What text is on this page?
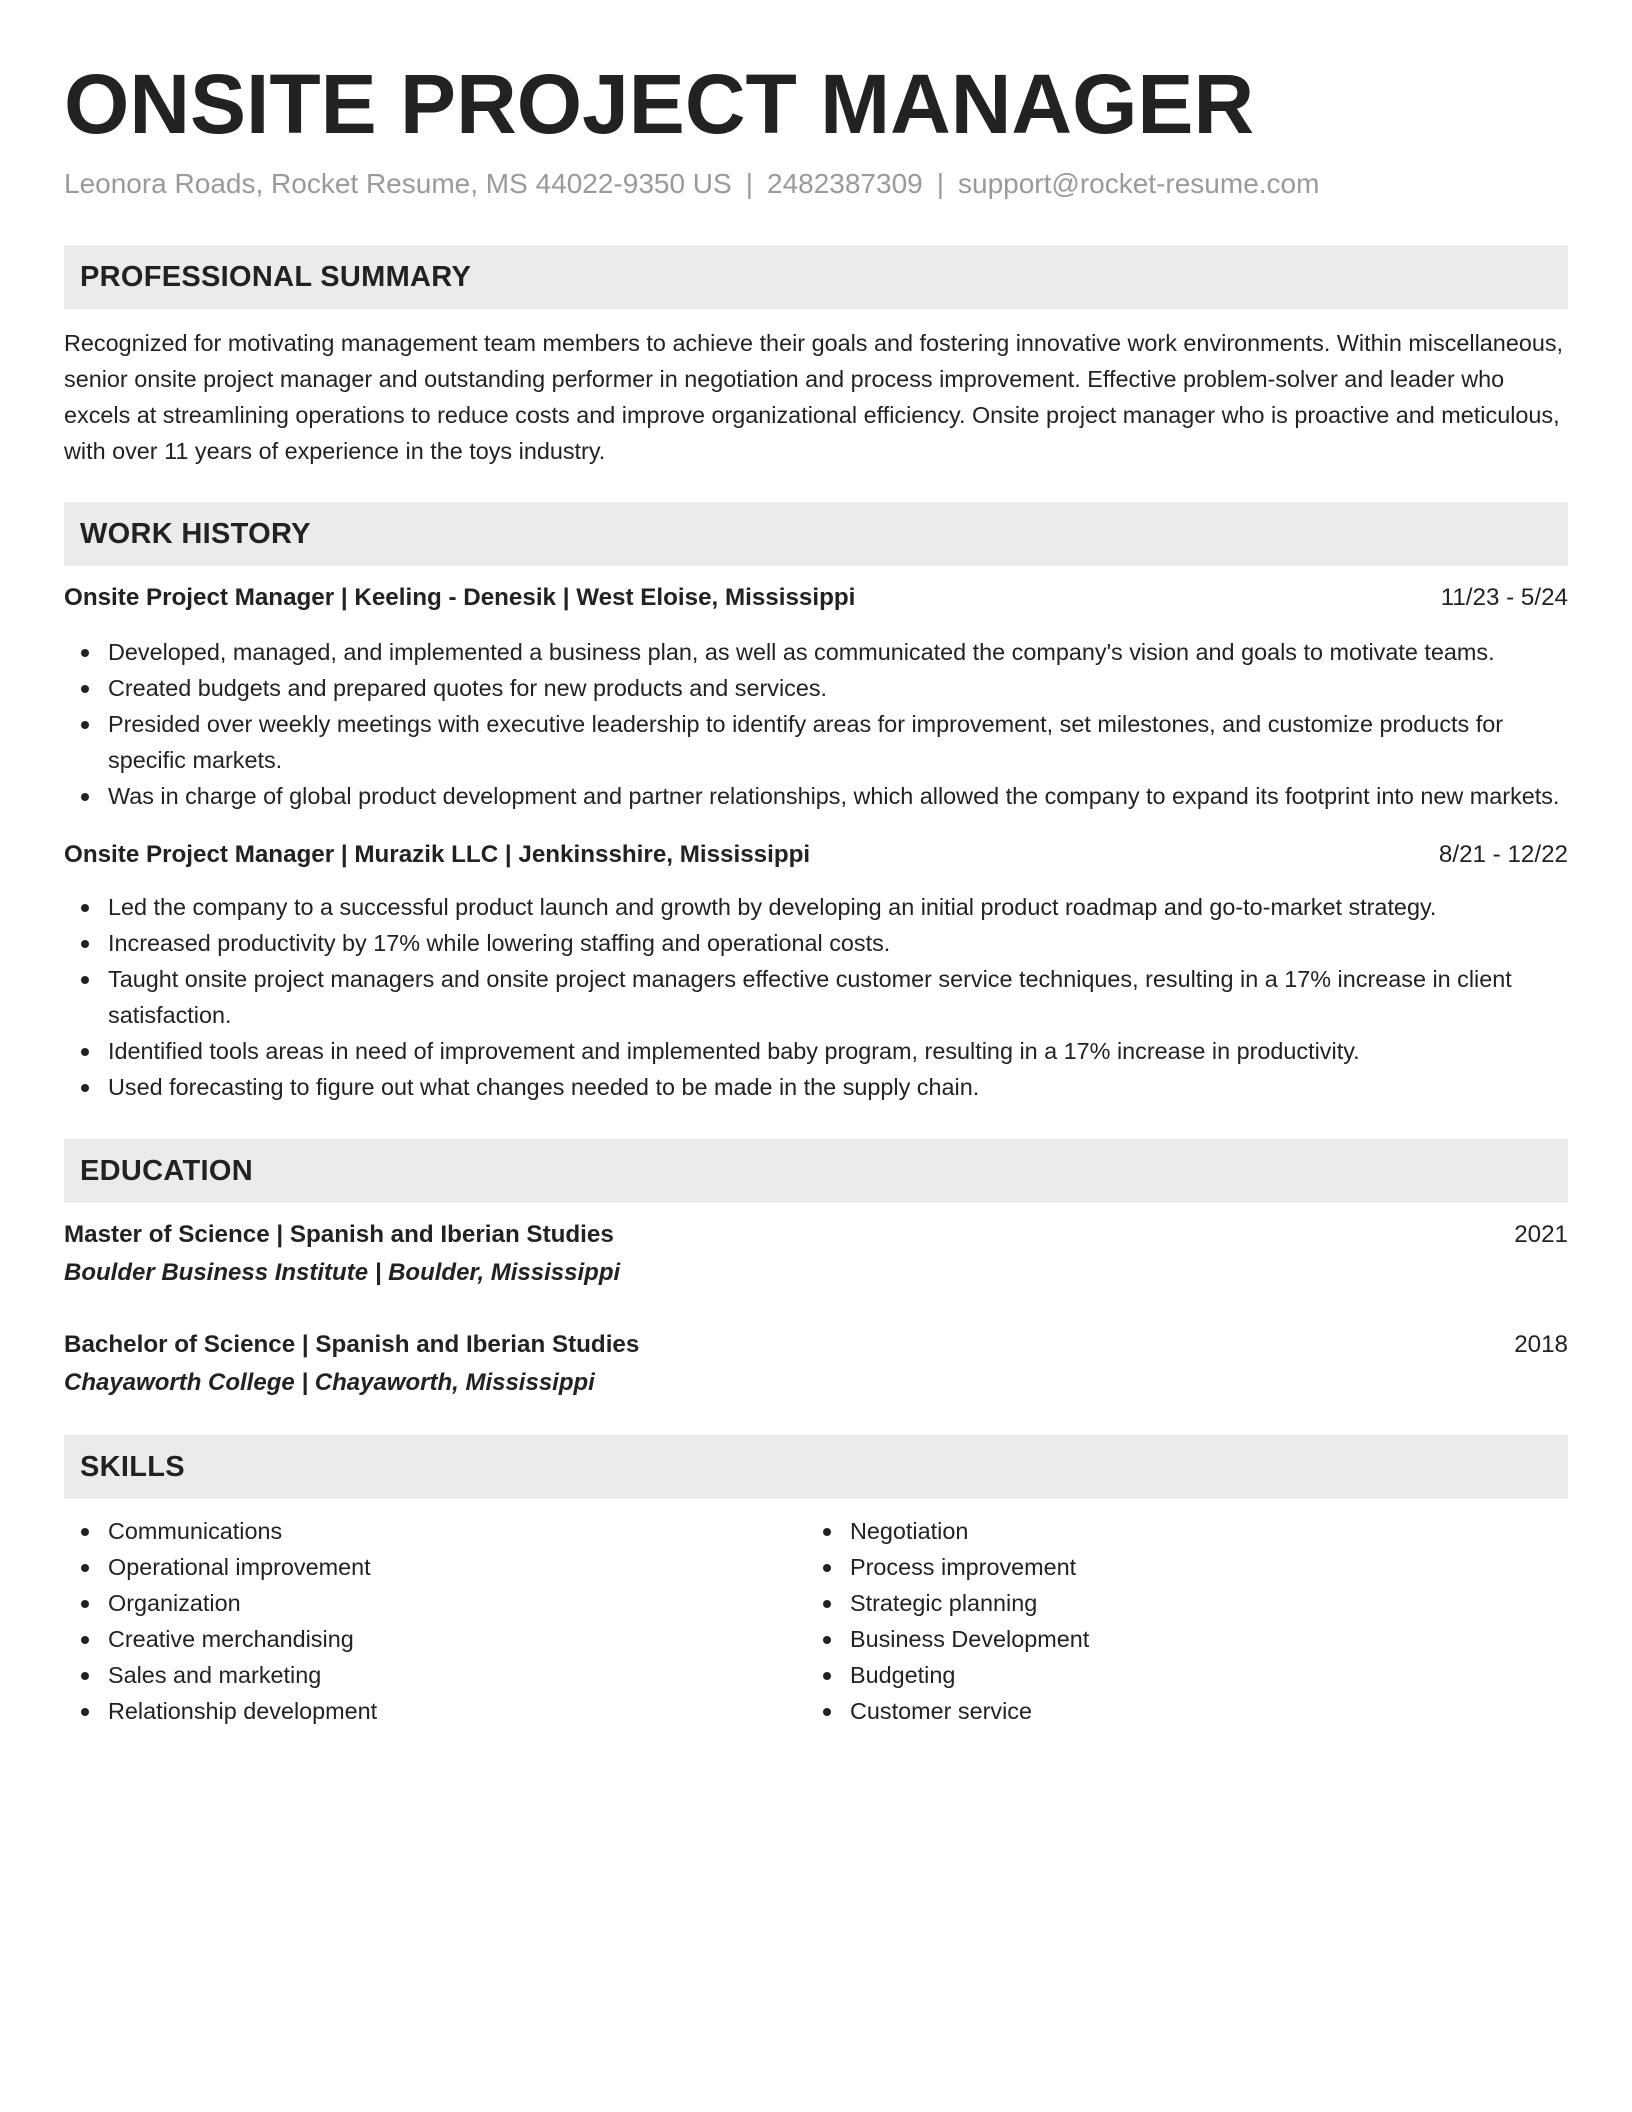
ONSITE PROJECT MANAGER
Leonora Roads, Rocket Resume, MS 44022-9350 US | 2482387309 | support@rocket-resume.com
PROFESSIONAL SUMMARY
Recognized for motivating management team members to achieve their goals and fostering innovative work environments. Within miscellaneous, senior onsite project manager and outstanding performer in negotiation and process improvement. Effective problem-solver and leader who excels at streamlining operations to reduce costs and improve organizational efficiency. Onsite project manager who is proactive and meticulous, with over 11 years of experience in the toys industry.
WORK HISTORY
Onsite Project Manager | Keeling - Denesik | West Eloise, Mississippi	11/23 - 5/24
Developed, managed, and implemented a business plan, as well as communicated the company's vision and goals to motivate teams.
Created budgets and prepared quotes for new products and services.
Presided over weekly meetings with executive leadership to identify areas for improvement, set milestones, and customize products for specific markets.
Was in charge of global product development and partner relationships, which allowed the company to expand its footprint into new markets.
Onsite Project Manager | Murazik LLC | Jenkinsshire, Mississippi	8/21 - 12/22
Led the company to a successful product launch and growth by developing an initial product roadmap and go-to-market strategy.
Increased productivity by 17% while lowering staffing and operational costs.
Taught onsite project managers and onsite project managers effective customer service techniques, resulting in a 17% increase in client satisfaction.
Identified tools areas in need of improvement and implemented baby program, resulting in a 17% increase in productivity.
Used forecasting to figure out what changes needed to be made in the supply chain.
EDUCATION
Master of Science | Spanish and Iberian Studies	2021
Boulder Business Institute | Boulder, Mississippi
Bachelor of Science | Spanish and Iberian Studies	2018
Chayaworth College | Chayaworth, Mississippi
SKILLS
Communications
Operational improvement
Organization
Creative merchandising
Sales and marketing
Relationship development
Negotiation
Process improvement
Strategic planning
Business Development
Budgeting
Customer service
